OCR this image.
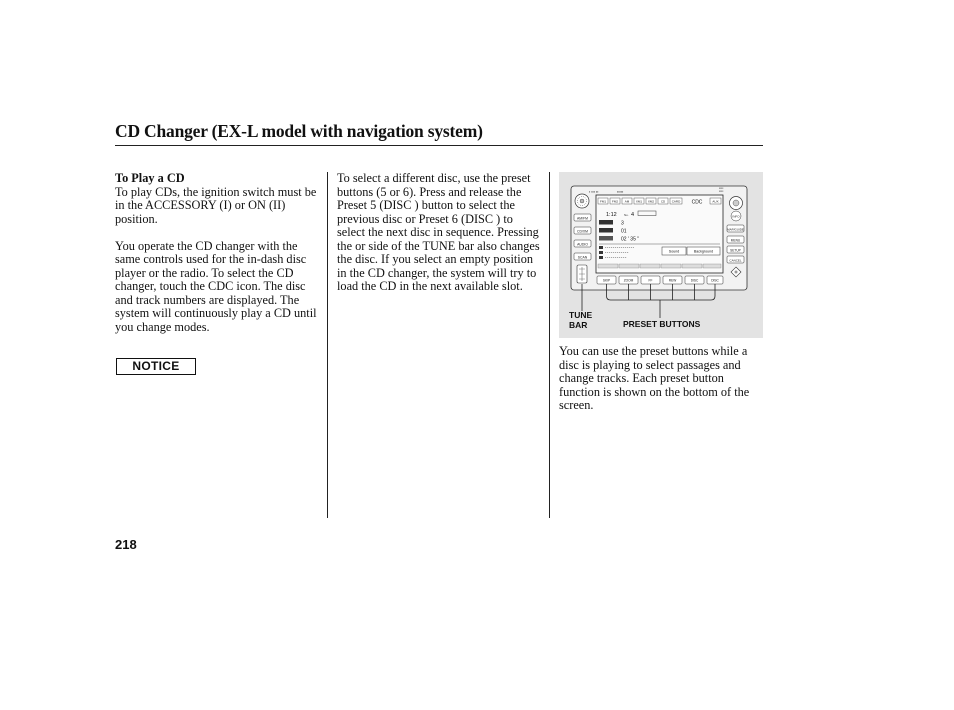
CD Changer (EX-L model with navigation system)

To Play a CD

To play CDs, the ignition switch must be in the ACCESSORY (I) or ON (II) position.

You operate the CD changer with the same controls used for the in-dash disc player or the radio. To select the CD changer, touch the CDC icon. The disc and track numbers are displayed. The system will continuously play a CD until you change modes.

NOTICE

To select a different disc, use the preset buttons (5 or 6). Press and release the Preset 5 (DISC ) button to select the previous disc or Preset 6 (DISC ) to select the next disc in sequence. Pressing the or side of the TUNE bar also changes the disc. If you select an empty position in the CD changer, the system will try to load the CD in the next available slot.

▪ ▪▪▪ ▪▪	▪▪▪▪▪
▪▪▪▪
▪▪▪▪
AM/FM
CD/XM
AUDIO
SCAN
INFO
MAP/GUIDE
MENU
SETUP
CANCEL
FM1 FM2 AM XM1 XM2 CD CARD CDC	AUX
1:12 No. 4
3
01
02 ' 35 "
Sound	Background
SKIP	ZOOM	FF	REW	DISC	DISC
TUNE
BAR	PRESET BUTTONS

You can use the preset buttons while a disc is playing to select passages and change tracks. Each preset button function is shown on the bottom of the screen.

218
